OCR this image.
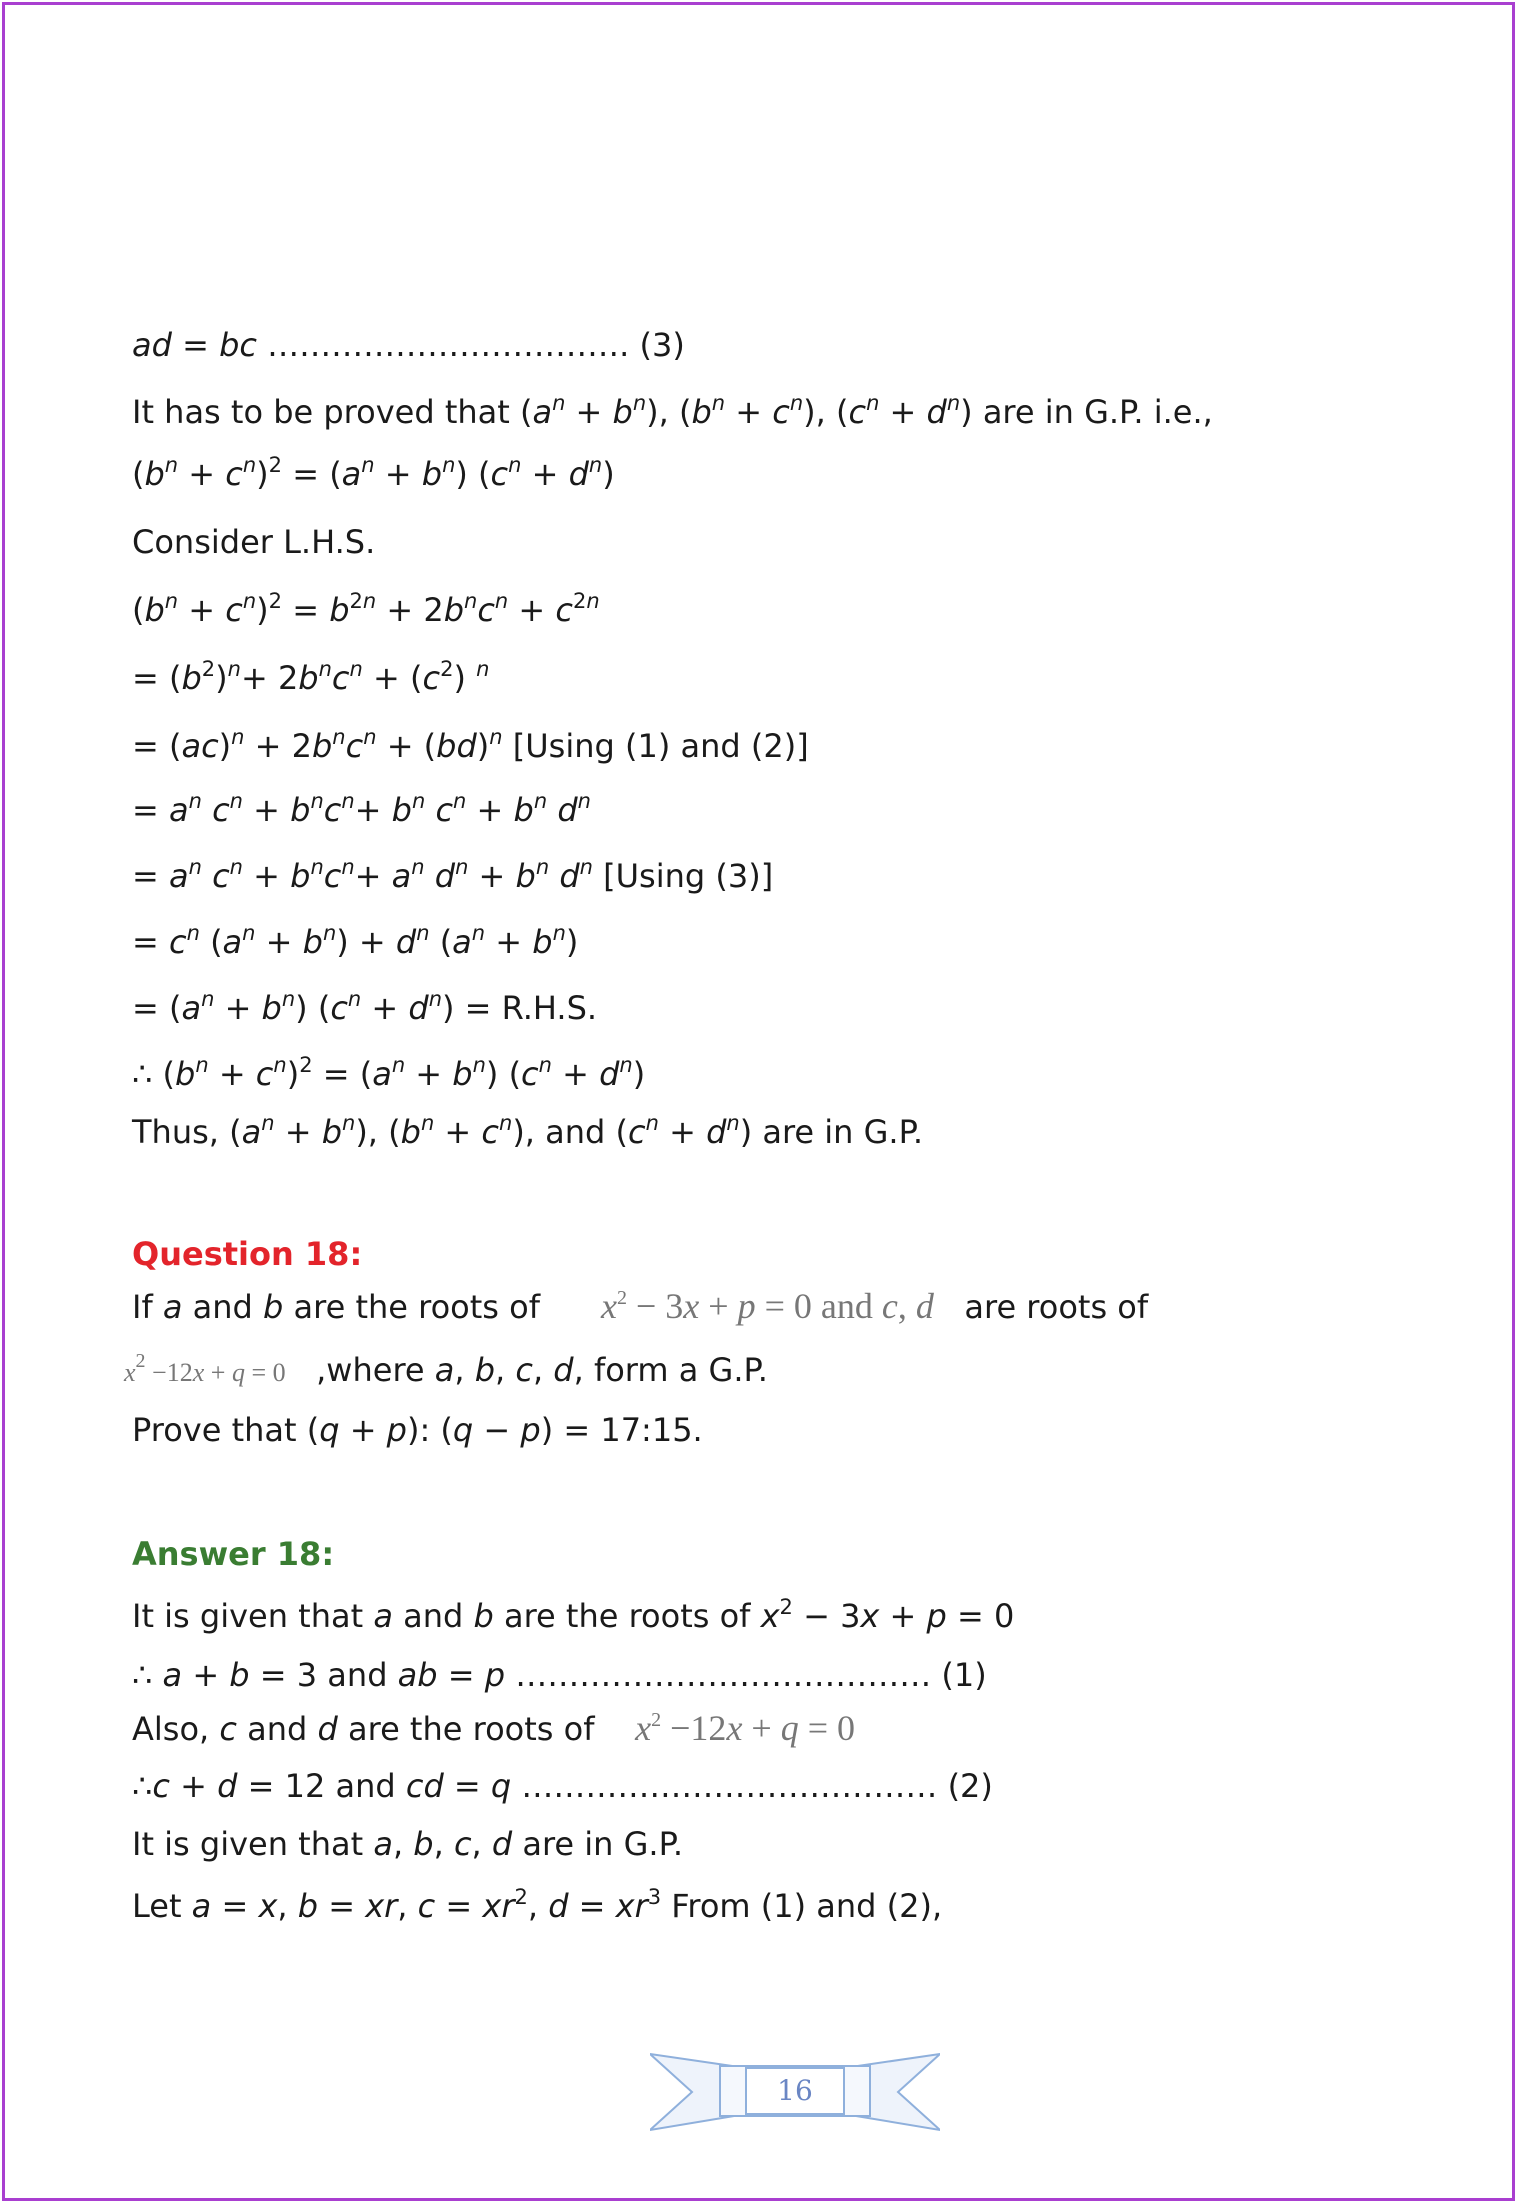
ad = bc ……………………………. (3)
It has to be proved that $(a^n + b^n)$, $(b^n + c^n)$, $(c^n + d^n)$ are in G.P. i.e.,
$(b^n + c^n)^2 = (a^n + b^n) (c^n + d^n)$
Consider L.H.S.
$(b^n + c^n)^2 = b^{2n} + 2b^nc^n + c^{2n}$
= $(b^2)^n+ 2b^nc^n + (c^2)$ $^n$
= $(ac)^n + 2b^nc^n + (bd)^n$ [Using (1) and (2)]
= $a^n$ $c^n + b^nc^n+ b^n$ $c^n + b^n$ $d^n$
= $a^n$ $c^n + b^nc^n+ a^n$ $d^n + b^n$ $d^n$ [Using (3)]
= $c^n$ $(a^n + b^n) + d^n$ $(a^n + b^n)$
= $(a^n + b^n) (c^n + d^n) = R.H.S$.
∴ $(b^n + c^n)^2 = (a^n + b^n) (c^n + d^n)$
Thus, $(a^n + b^n)$, $(b^n + c^n)$, and $(c^n + d^n)$ are in G.P.
Question 18:
If a and b are the roots of      $x^2 - 3x + p = 0$ and c, d   are roots of
$x^2 -12x + q = 0$   ,where a, b, c, d, form a G.P.
Prove that (q + p): (q − p) = 17:15.
Answer 18:
It is given that a and b are the roots of $x^2 - 3x + p = 0$
∴ a + b = 3 and ab = p ………………………………… (1)
Also, c and d are the roots of    $x^2 -12x + q = 0$
∴c + d = 12 and cd = q ………………………………… (2)
It is given that a, b, c, d are in G.P.
Let a = x, b = xr, $c = xr^2$, $d = xr^3$ From (1) and (2),
16
